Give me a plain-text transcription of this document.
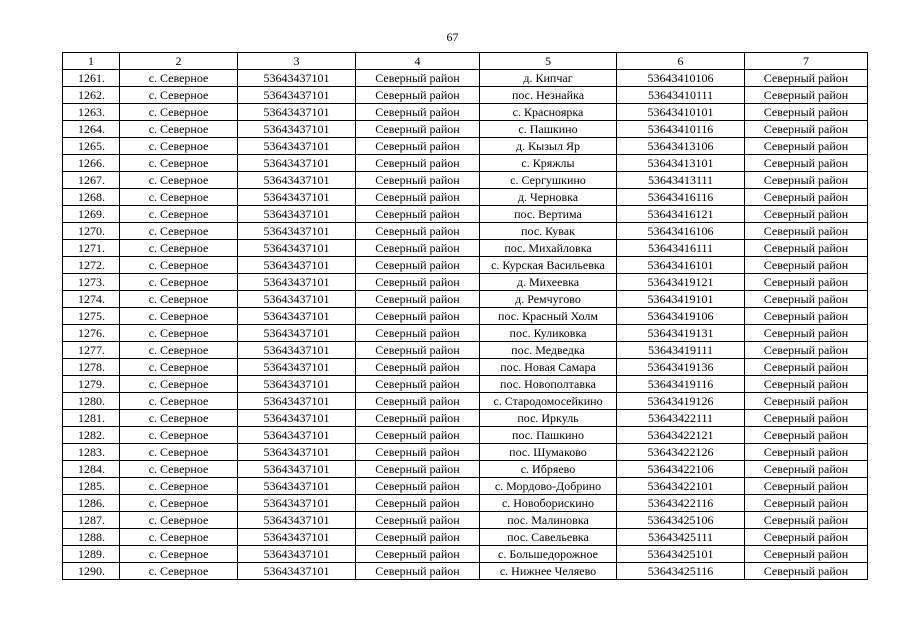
67
1	2	3	4	5	6	7
1261.	с. Северное	53643437101	Северный район	д. Кипчаг	53643410106	Северный район
1262.	с. Северное	53643437101	Северный район	пос. Незнайка	53643410111	Северный район
1263.	с. Северное	53643437101	Северный район	с. Красноярка	53643410101	Северный район
1264.	с. Северное	53643437101	Северный район	с. Пашкино	53643410116	Северный район
1265.	с. Северное	53643437101	Северный район	д. Кызыл Яр	53643413106	Северный район
1266.	с. Северное	53643437101	Северный район	с. Кряжлы	53643413101	Северный район
1267.	с. Северное	53643437101	Северный район	с. Сергушкино	53643413111	Северный район
1268.	с. Северное	53643437101	Северный район	д. Черновка	53643416116	Северный район
1269.	с. Северное	53643437101	Северный район	пос. Вертима	53643416121	Северный район
1270.	с. Северное	53643437101	Северный район	пос. Кувак	53643416106	Северный район
1271.	с. Северное	53643437101	Северный район	пос. Михайловка	53643416111	Северный район
1272.	с. Северное	53643437101	Северный район	с. Курская Васильевка	53643416101	Северный район
1273.	с. Северное	53643437101	Северный район	д. Михеевка	53643419121	Северный район
1274.	с. Северное	53643437101	Северный район	д. Ремчугово	53643419101	Северный район
1275.	с. Северное	53643437101	Северный район	пос. Красный Холм	53643419106	Северный район
1276.	с. Северное	53643437101	Северный район	пос. Куликовка	53643419131	Северный район
1277.	с. Северное	53643437101	Северный район	пос. Медведка	53643419111	Северный район
1278.	с. Северное	53643437101	Северный район	пос. Новая Самара	53643419136	Северный район
1279.	с. Северное	53643437101	Северный район	пос. Новополтавка	53643419116	Северный район
1280.	с. Северное	53643437101	Северный район	с. Стародомосейкино	53643419126	Северный район
1281.	с. Северное	53643437101	Северный район	пос. Иркуль	53643422111	Северный район
1282.	с. Северное	53643437101	Северный район	пос. Пашкино	53643422121	Северный район
1283.	с. Северное	53643437101	Северный район	пос. Шумаково	53643422126	Северный район
1284.	с. Северное	53643437101	Северный район	с. Ибряево	53643422106	Северный район
1285.	с. Северное	53643437101	Северный район	с. Мордово-Добрино	53643422101	Северный район
1286.	с. Северное	53643437101	Северный район	с. Новоборискино	53643422116	Северный район
1287.	с. Северное	53643437101	Северный район	пос. Малиновка	53643425106	Северный район
1288.	с. Северное	53643437101	Северный район	пос. Савельевка	53643425111	Северный район
1289.	с. Северное	53643437101	Северный район	с. Большедорожное	53643425101	Северный район
1290.	с. Северное	53643437101	Северный район	с. Нижнее Челяево	53643425116	Северный район
